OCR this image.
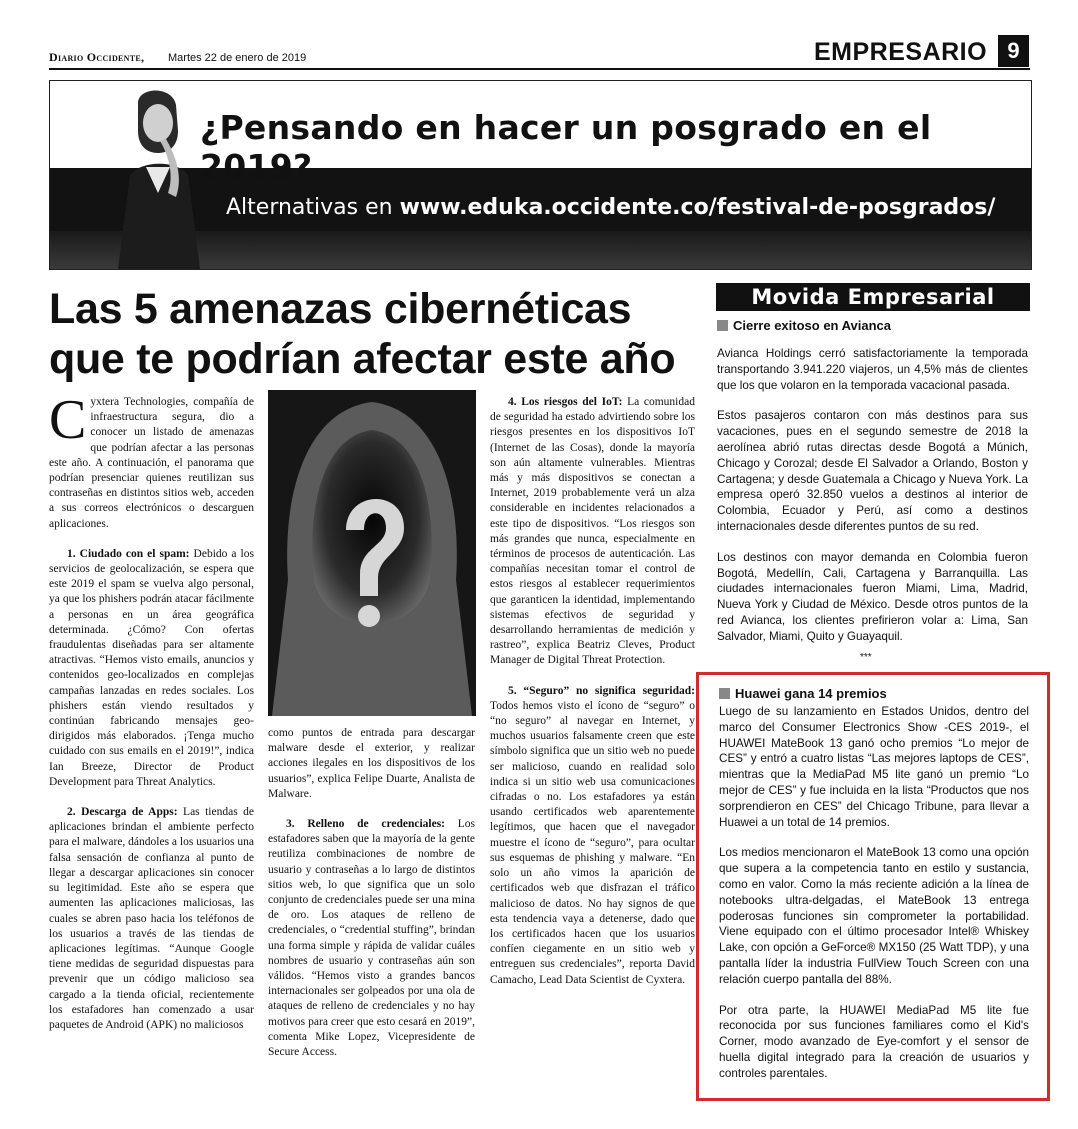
Diario Occidente, Martes 22 de enero de 2019	EMPRESARIO 9
¿Pensando en hacer un posgrado en el 2019?
Alternativas en www.eduka.occidente.co/festival-de-posgrados/
Las 5 amenazas cibernéticas que te podrían afectar este año

Cyxtera Technologies, compañía de infraestructura segura, dio a conocer un listado de amenazas que podrían afectar a las personas este año. A continuación, el panorama que podrían presenciar quienes reutilizan sus contraseñas en distintos sitios web, acceden a sus correos electrónicos o descarguen aplicaciones.

1. Ciudado con el spam: Debido a los servicios de geolocalización, se espera que este 2019 el spam se vuelva algo personal, ya que los phishers podrán atacar fácilmente a personas en un área geográfica determinada. ¿Cómo? Con ofertas fraudulentas diseñadas para ser altamente atractivas. “Hemos visto emails, anuncios y contenidos geo-localizados en complejas campañas lanzadas en redes sociales. Los phishers están viendo resultados y continúan fabricando mensajes geo-dirigidos más elaborados. ¡Tenga mucho cuidado con sus emails en el 2019!”, indica Ian Breeze, Director de Product Development para Threat Analytics.

2. Descarga de Apps: Las tiendas de aplicaciones brindan el ambiente perfecto para el malware, dándoles a los usuarios una falsa sensación de confianza al punto de llegar a descargar aplicaciones sin conocer su legitimidad. Este año se espera que aumenten las aplicaciones maliciosas, las cuales se abren paso hacia los teléfonos de los usuarios a través de las tiendas de aplicaciones legítimas. “Aunque Google tiene medidas de seguridad dispuestas para prevenir que un código malicioso sea cargado a la tienda oficial, recientemente los estafadores han comenzado a usar paquetes de Android (APK) no maliciosos

como puntos de entrada para descargar malware desde el exterior, y realizar acciones ilegales en los dispositivos de los usuarios”, explica Felipe Duarte, Analista de Malware.

3. Relleno de credenciales: Los estafadores saben que la mayoría de la gente reutiliza combinaciones de nombre de usuario y contraseñas a lo largo de distintos sitios web, lo que significa que un solo conjunto de credenciales puede ser una mina de oro. Los ataques de relleno de credenciales, o “credential stuffing”, brindan una forma simple y rápida de validar cuáles nombres de usuario y contraseñas aún son válidos. “Hemos visto a grandes bancos internacionales ser golpeados por una ola de ataques de relleno de credenciales y no hay motivos para creer que esto cesará en 2019”, comenta Mike Lopez, Vicepresidente de Secure Access.

4. Los riesgos del IoT: La comunidad de seguridad ha estado advirtiendo sobre los riesgos presentes en los dispositivos IoT (Internet de las Cosas), donde la mayoría son aún altamente vulnerables. Mientras más y más dispositivos se conectan a Internet, 2019 probablemente verá un alza considerable en incidentes relacionados a este tipo de dispositivos. “Los riesgos son más grandes que nunca, especialmente en términos de procesos de autenticación. Las compañías necesitan tomar el control de estos riesgos al establecer requerimientos que garanticen la identidad, implementando sistemas efectivos de seguridad y desarrollando herramientas de medición y rastreo”, explica Beatriz Cleves, Product Manager de Digital Threat Protection.

5. “Seguro” no significa seguridad: Todos hemos visto el ícono de “seguro” o “no seguro” al navegar en Internet, y muchos usuarios falsamente creen que este símbolo significa que un sitio web no puede ser malicioso, cuando en realidad solo indica si un sitio web usa comunicaciones cifradas o no. Los estafadores ya están usando certificados web aparentemente legítimos, que hacen que el navegador muestre el ícono de “seguro”, para ocultar sus esquemas de phishing y malware. “En solo un año vimos la aparición de certificados web que disfrazan el tráfico malicioso de datos. No hay signos de que esta tendencia vaya a detenerse, dado que los certificados hacen que los usuarios confíen ciegamente en un sitio web y entreguen sus credenciales”, reporta David Camacho, Lead Data Scientist de Cyxtera.

Movida Empresarial
Cierre exitoso en Avianca

Avianca Holdings cerró satisfactoriamente la temporada transportando 3.941.220 viajeros, un 4,5% más de clientes que los que volaron en la temporada vacacional pasada.

Estos pasajeros contaron con más destinos para sus vacaciones, pues en el segundo semestre de 2018 la aerolínea abrió rutas directas desde Bogotá a Múnich, Chicago y Corozal; desde El Salvador a Orlando, Boston y Cartagena; y desde Guatemala a Chicago y Nueva York. La empresa operó 32.850 vuelos a destinos al interior de Colombia, Ecuador y Perú, así como a destinos internacionales desde diferentes puntos de su red.

Los destinos con mayor demanda en Colombia fueron Bogotá, Medellín, Cali, Cartagena y Barranquilla. Las ciudades internacionales fueron Miami, Lima, Madrid, Nueva York y Ciudad de México. Desde otros puntos de la red Avianca, los clientes prefirieron volar a: Lima, San Salvador, Miami, Quito y Guayaquil.

***
Huawei gana 14 premios

Luego de su lanzamiento en Estados Unidos, dentro del marco del Consumer Electronics Show -CES 2019-, el HUAWEI MateBook 13 ganó ocho premios “Lo mejor de CES” y entró a cuatro listas “Las mejores laptops de CES”, mientras que la MediaPad M5 lite ganó un premio “Lo mejor de CES” y fue incluida en la lista “Productos que nos sorprendieron en CES” del Chicago Tribune, para llevar a Huawei a un total de 14 premios.

Los medios mencionaron el MateBook 13 como una opción que supera a la competencia tanto en estilo y sustancia, como en valor. Como la más reciente adición a la línea de notebooks ultra-delgadas, el MateBook 13 entrega poderosas funciones sin comprometer la portabilidad. Viene equipado con el último procesador Intel® Whiskey Lake, con opción a GeForce® MX150 (25 Watt TDP), y una pantalla líder la industria FullView Touch Screen con una relación cuerpo pantalla del 88%.

Por otra parte, la HUAWEI MediaPad M5 lite fue reconocida por sus funciones familiares como el Kid's Corner, modo avanzado de Eye-comfort y el sensor de huella digital integrado para la creación de usuarios y controles parentales.
